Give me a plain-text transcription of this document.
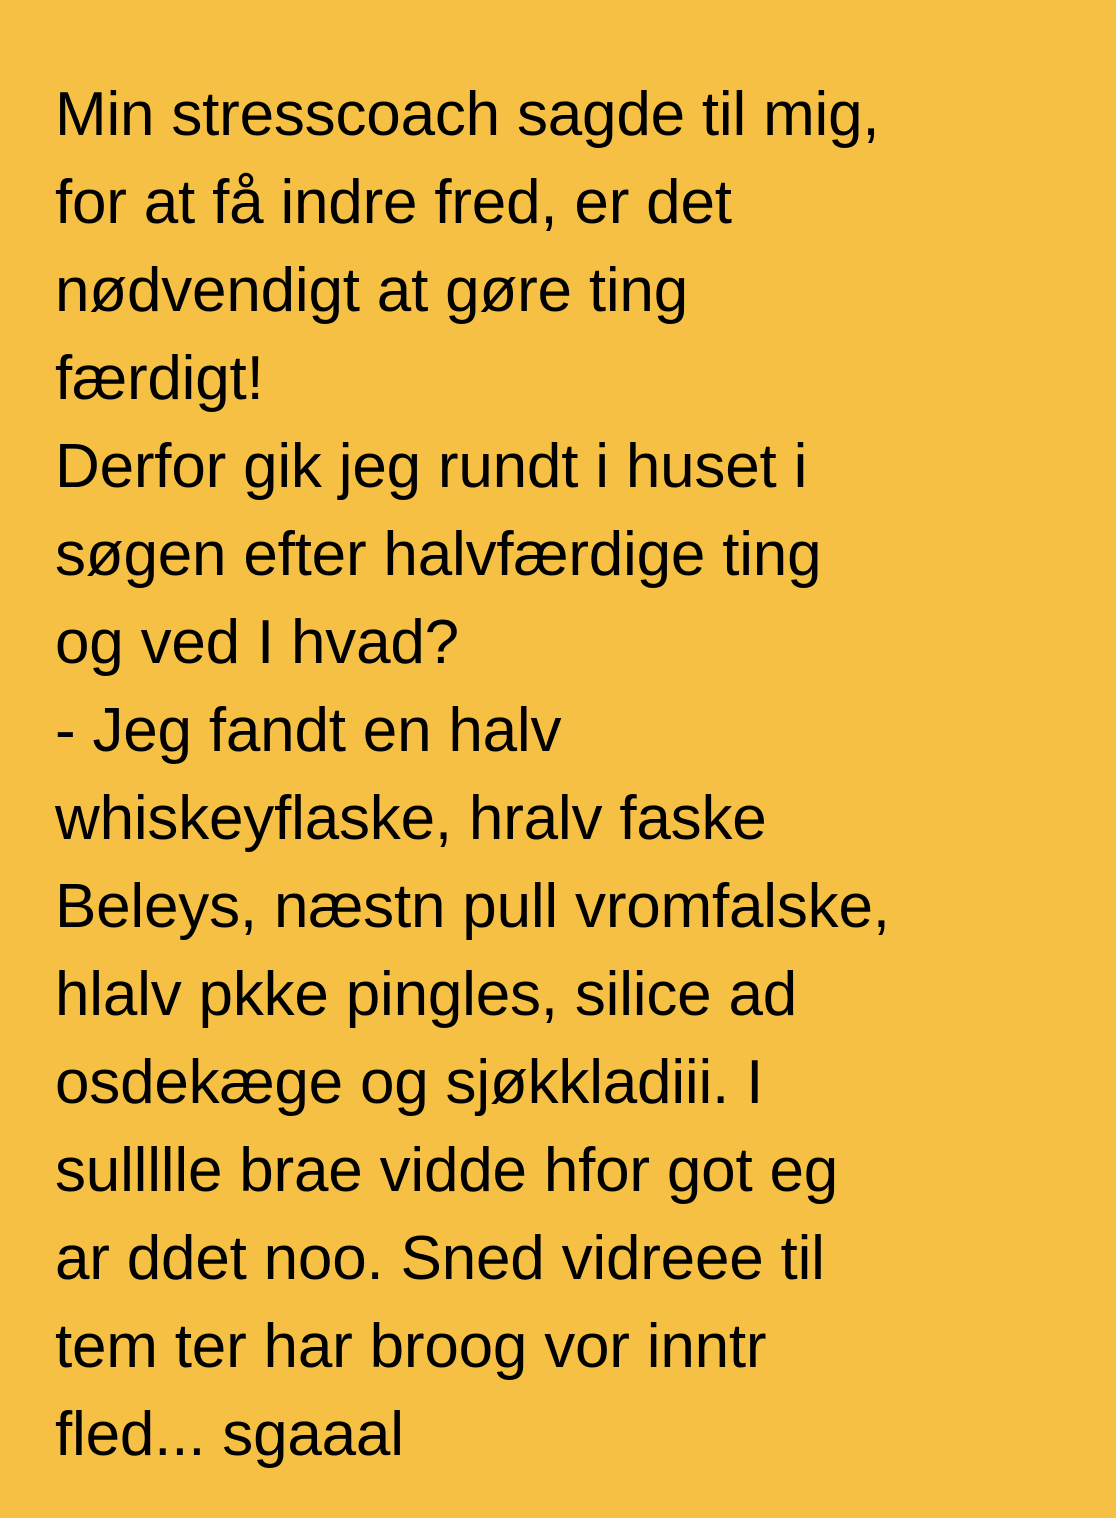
Min stresscoach sagde til mig,
for at få indre fred, er det
nødvendigt at gøre ting
færdigt!
Derfor gik jeg rundt i huset i
søgen efter halvfærdige ting
og ved I hvad?
- Jeg fandt en halv
whiskeyflaske, hralv faske
Beleys, næstn pull vromfalske,
hlalv pkke pingles, silice ad
osdekæge og sjøkkladiii. I
sullllle brae vidde hfor got eg
ar ddet noo. Sned vidreee til
tem ter har broog vor inntr
fled... sgaaal
